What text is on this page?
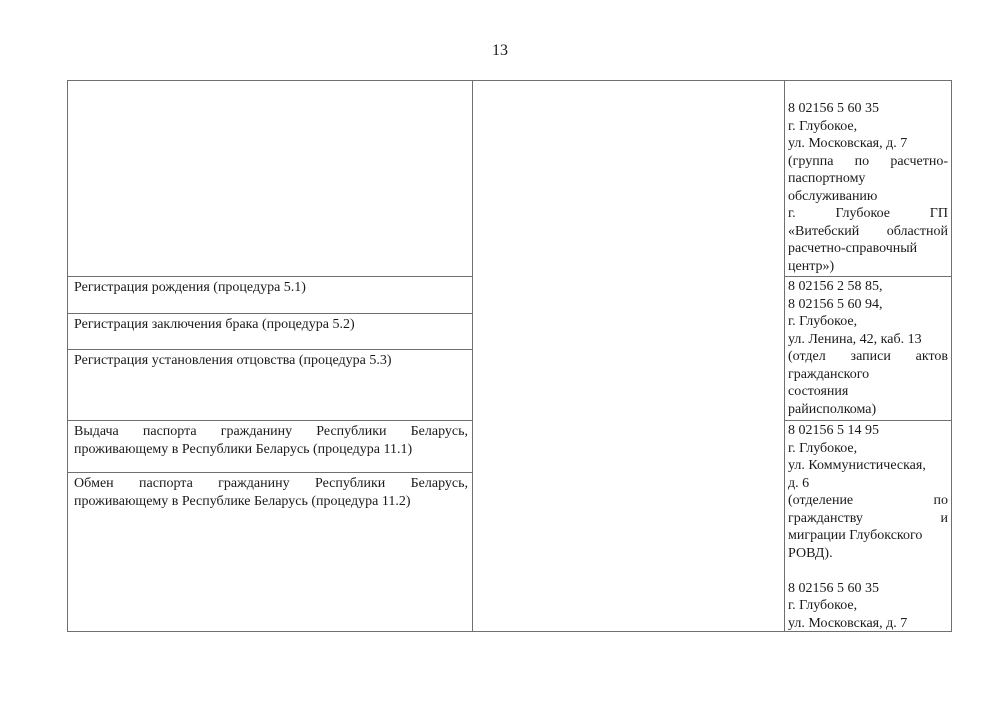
13
Регистрация рождения (процедура 5.1)
Регистрация заключения брака (процедура 5.2)
Регистрация установления отцовства (процедура 5.3)
Выдача паспорта гражданину Республики Беларусь,
проживающему в Республики Беларусь (процедура 11.1)
Обмен паспорта гражданину Республики Беларусь,
проживающему в Республике Беларусь (процедура 11.2)
8 02156 5 60 35
г. Глубокое,
ул. Московская, д. 7
(группа по расчетно-
паспортному
обслуживанию
г. Глубокое ГП
«Витебский областной
расчетно-справочный
центр»)
8 02156 2 58 85,
8 02156 5 60 94,
г. Глубокое,
ул. Ленина, 42, каб. 13
(отдел записи актов
гражданского
состояния
райисполкома)
8 02156 5 14 95
г. Глубокое,
ул. Коммунистическая,
д. 6
(отделение по
гражданству и
миграции Глубокского
РОВД).
8 02156 5 60 35
г. Глубокое,
ул. Московская, д. 7
